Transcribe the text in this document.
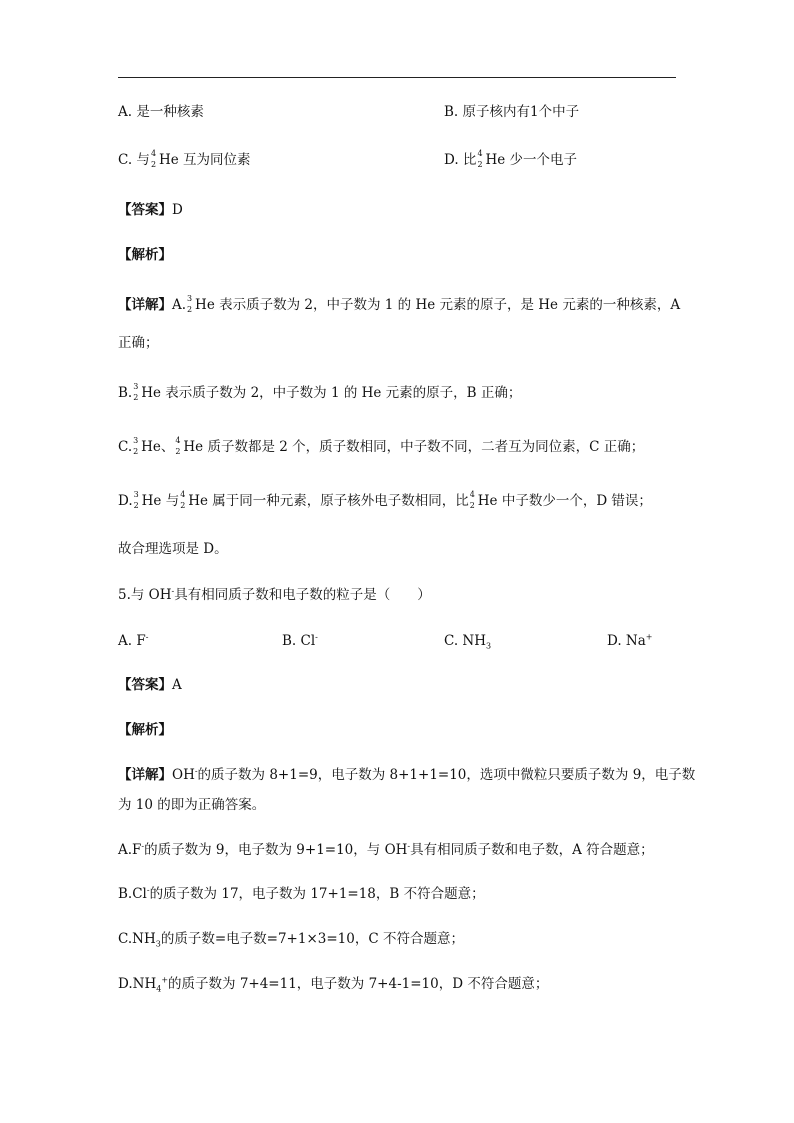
A. 是一种核素	B. 原子核内有1个中子
C. 与 4
2 He 互为同位素	D. 比 4
2 He 少一个电子
【答案】D
【解析】
【详解】A. 3
2 He 表示质子数为 2，中子数为 1 的 He 元素的原子，是 He 元素的一种核素，A
正确；
B. 3
2 He 表示质子数为 2，中子数为 1 的 He 元素的原子，B 正确；
C. 3
2 He、 4
2 He 质子数都是 2 个，质子数相同，中子数不同，二者互为同位素，C 正确；
D. 3
2 He 与 4
2 He 属于同一种元素，原子核外电子数相同，比 4
2 He 中子数少一个，D 错误；
故合理选项是 D。
5.与 OH-具有相同质子数和电子数的粒子是（　　）
A. F-	B. Cl-	C. $NH_3$	D. Na+
【答案】A
【解析】
【详解】OH-的质子数为 8+1=9，电子数为 8+1+1=10，选项中微粒只要质子数为 9，电子数
为 10 的即为正确答案。
A.F-的质子数为 9，电子数为 9+1=10，与 OH-具有相同质子数和电子数，A 符合题意；
B.Cl-的质子数为 17，电子数为 17+1=18，B 不符合题意；
$C.NH_3$的质子数=电子数=7+1×3=10，C 不符合题意；
$D.NH_4^+$的质子数为 7+4=11，电子数为 7+4-1=10，D 不符合题意；
